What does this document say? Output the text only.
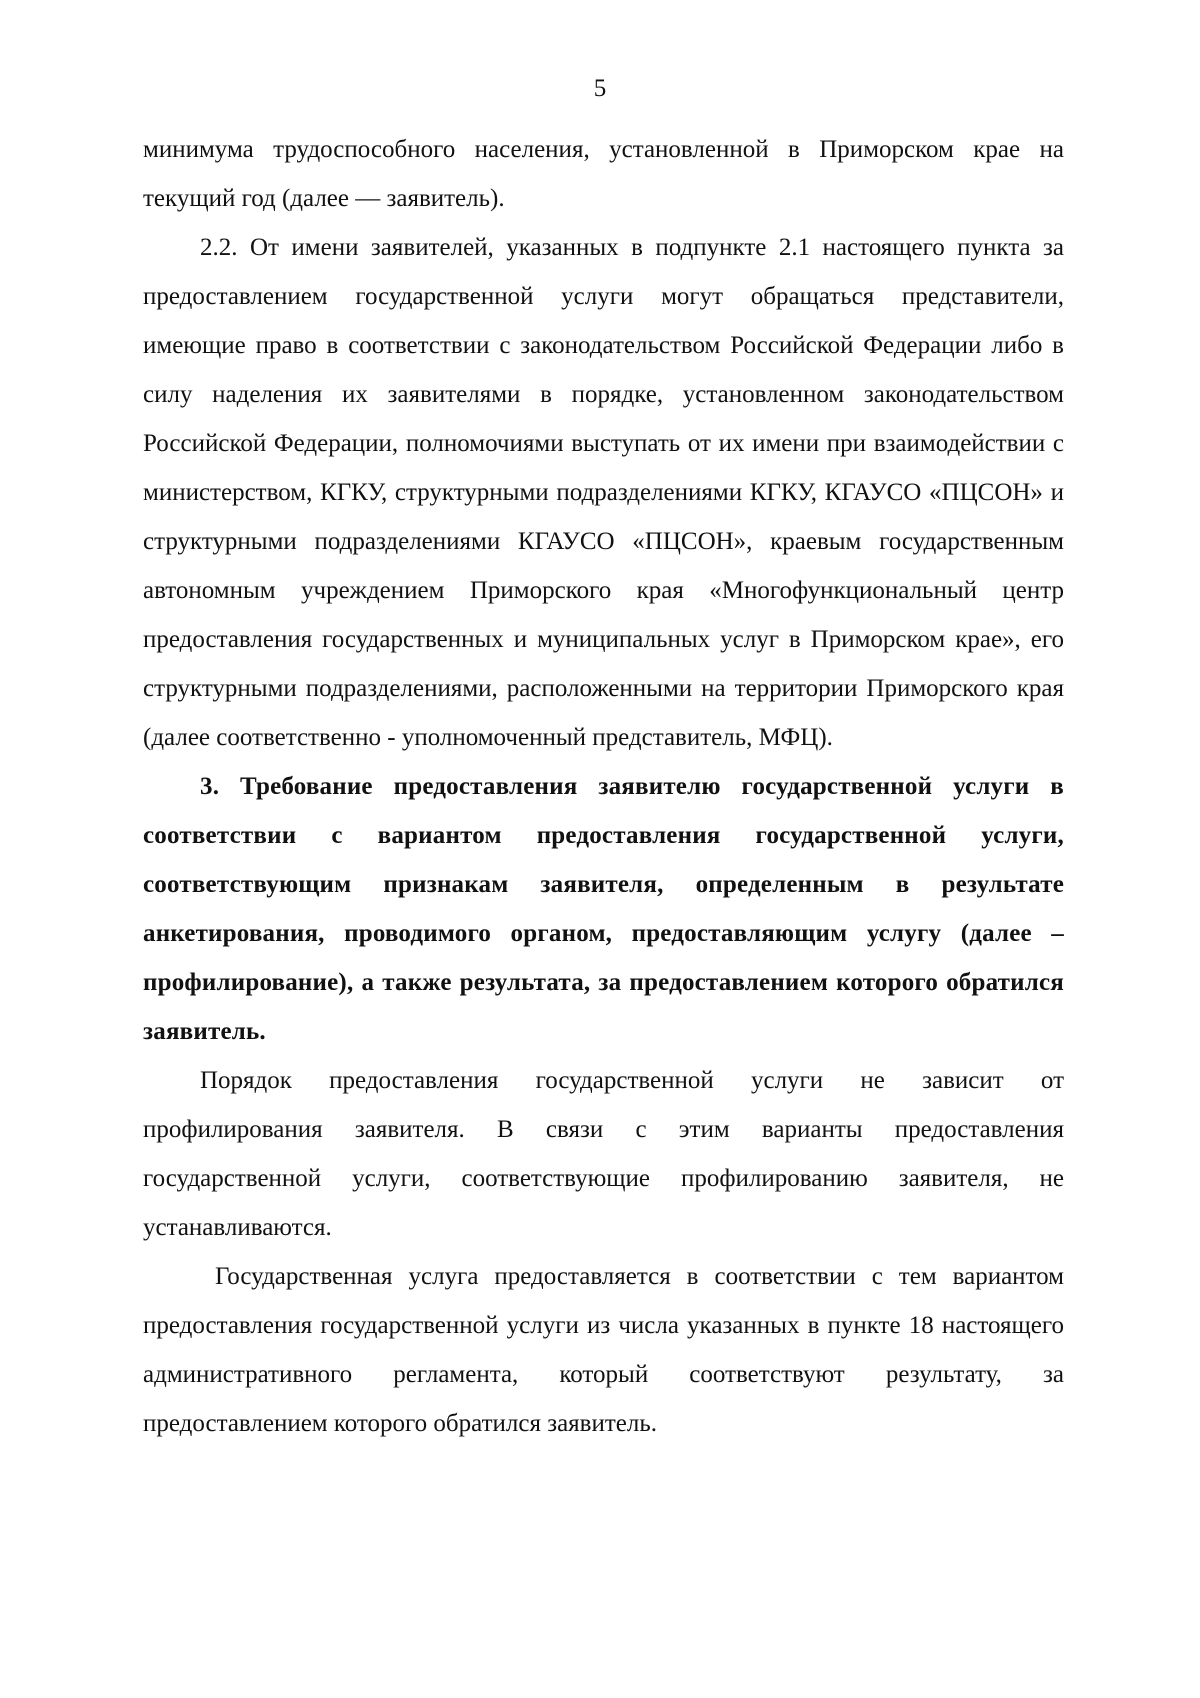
5

минимума трудоспособного населения, установленной в Приморском крае на текущий год (далее — заявитель).

2.2. От имени заявителей, указанных в подпункте 2.1 настоящего пункта за предоставлением государственной услуги могут обращаться представители, имеющие право в соответствии с законодательством Российской Федерации либо в силу наделения их заявителями в порядке, установленном законодательством Российской Федерации, полномочиями выступать от их имени при взаимодействии с министерством, КГКУ, структурными подразделениями КГКУ, КГАУСО «ПЦСОН» и структурными подразделениями КГАУСО «ПЦСОН», краевым государственным автономным учреждением Приморского края «Многофункциональный центр предоставления государственных и муниципальных услуг в Приморском крае», его структурными подразделениями, расположенными на территории Приморского края (далее соответственно - уполномоченный представитель, МФЦ).

3. Требование предоставления заявителю государственной услуги в соответствии с вариантом предоставления государственной услуги, соответствующим признакам заявителя, определенным в результате анкетирования, проводимого органом, предоставляющим услугу (далее – профилирование), а также результата, за предоставлением которого обратился заявитель.

Порядок предоставления государственной услуги не зависит от профилирования заявителя. В связи с этим варианты предоставления государственной услуги, соответствующие профилированию заявителя, не устанавливаются.

Государственная услуга предоставляется в соответствии с тем вариантом предоставления государственной услуги из числа указанных в пункте 18 настоящего административного регламента, который соответствуют результату, за предоставлением которого обратился заявитель.
